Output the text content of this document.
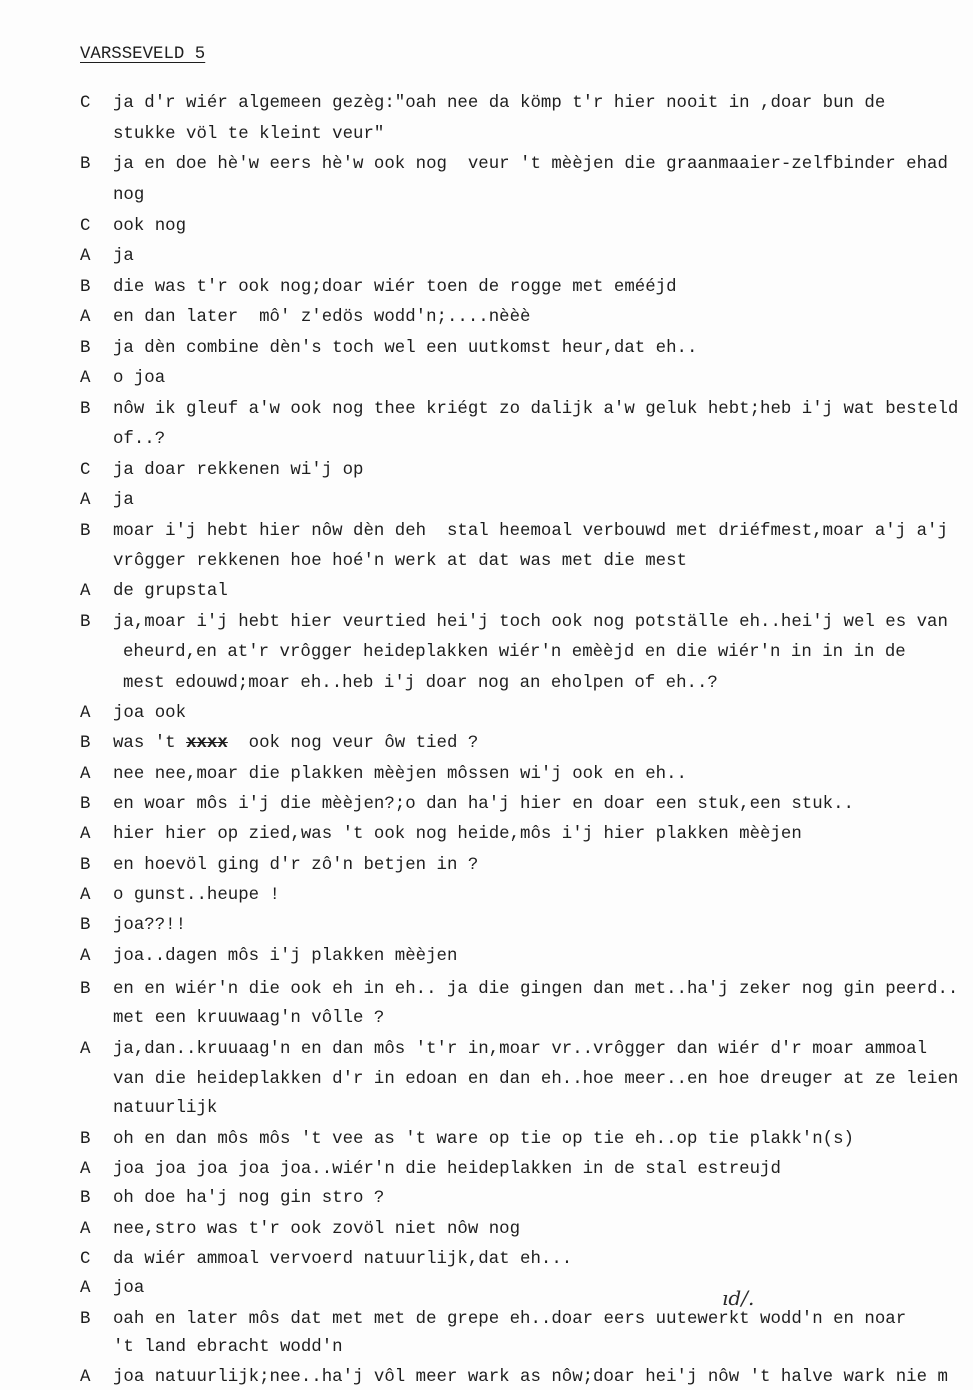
VARSSEVELD 5
C ja d'r wiér algemeen gezèg:"oah nee da kömp t'r hier nooit in ,doar bun de
stukke völ te kleint veur"
B ja en doe hè'w eers hè'w ook nog  veur 't mèèjen die graanmaaier-zelfbinder ehad
nog
C ook nog
A ja
B die was t'r ook nog;doar wiér toen de rogge met emééjd
A en dan later  mô' z'edös wodd'n;....nèèè
B ja dèn combine dèn's toch wel een uutkomst heur,dat eh..
A o joa
B nôw ik gleuf a'w ook nog thee kriégt zo dalijk a'w geluk hebt;heb i'j wat besteld
of..?
C ja doar rekkenen wi'j op
A ja
B moar i'j hebt hier nôw dèn deh  stal heemoal verbouwd met driéfmest,moar a'j a'j
vrôgger rekkenen hoe hoé'n werk at dat was met die mest
A de grupstal
B ja,moar i'j hebt hier veurtied hei'j toch ook nog potställe eh..hei'j wel es van
eheurd,en at'r vrôgger heideplakken wiér'n emèèjd en die wiér'n in in in de
mest edouwd;moar eh..heb i'j doar nog an eholpen of eh..?
A joa ook
B was 't xxxx  ook nog veur ôw tied ?
A nee nee,moar die plakken mèèjen môssen wi'j ook en eh..
B en woar môs i'j die mèèjen?;o dan ha'j hier en doar een stuk,een stuk..
A hier hier op zied,was 't ook nog heide,môs i'j hier plakken mèèjen
B en hoevöl ging d'r zô'n betjen in ?
A o gunst..heupe !
B joa??!!
A joa..dagen môs i'j plakken mèèjen
B en en wiér'n die ook eh in eh.. ja die gingen dan met..ha'j zeker nog gin peerd..
met een kruuwaag'n vôlle ?
A ja,dan..kruuaag'n en dan môs 't'r in,moar vr..vrôgger dan wiér d'r moar ammoal
van die heideplakken d'r in edoan en dan eh..hoe meer..en hoe dreuger at ze leien
natuurlijk
B oh en dan môs môs 't vee as 't ware op tie op tie eh..op tie plakk'n(s)
A joa joa joa joa joa..wiér'n die heideplakken in de stal estreujd
B oh doe ha'j nog gin stro ?
A nee,stro was t'r ook zovöl niet nôw nog
C da wiér ammoal vervoerd natuurlijk,dat eh...
A joa
B oah en later môs dat met met de grepe eh..doar eers uutewerkt wodd'n en noar
't land ebracht wodd'n
A joa natuurlijk;nee..ha'j vôl meer wark as nôw;doar hei'j nôw 't halve wark nie m
ıd/.
